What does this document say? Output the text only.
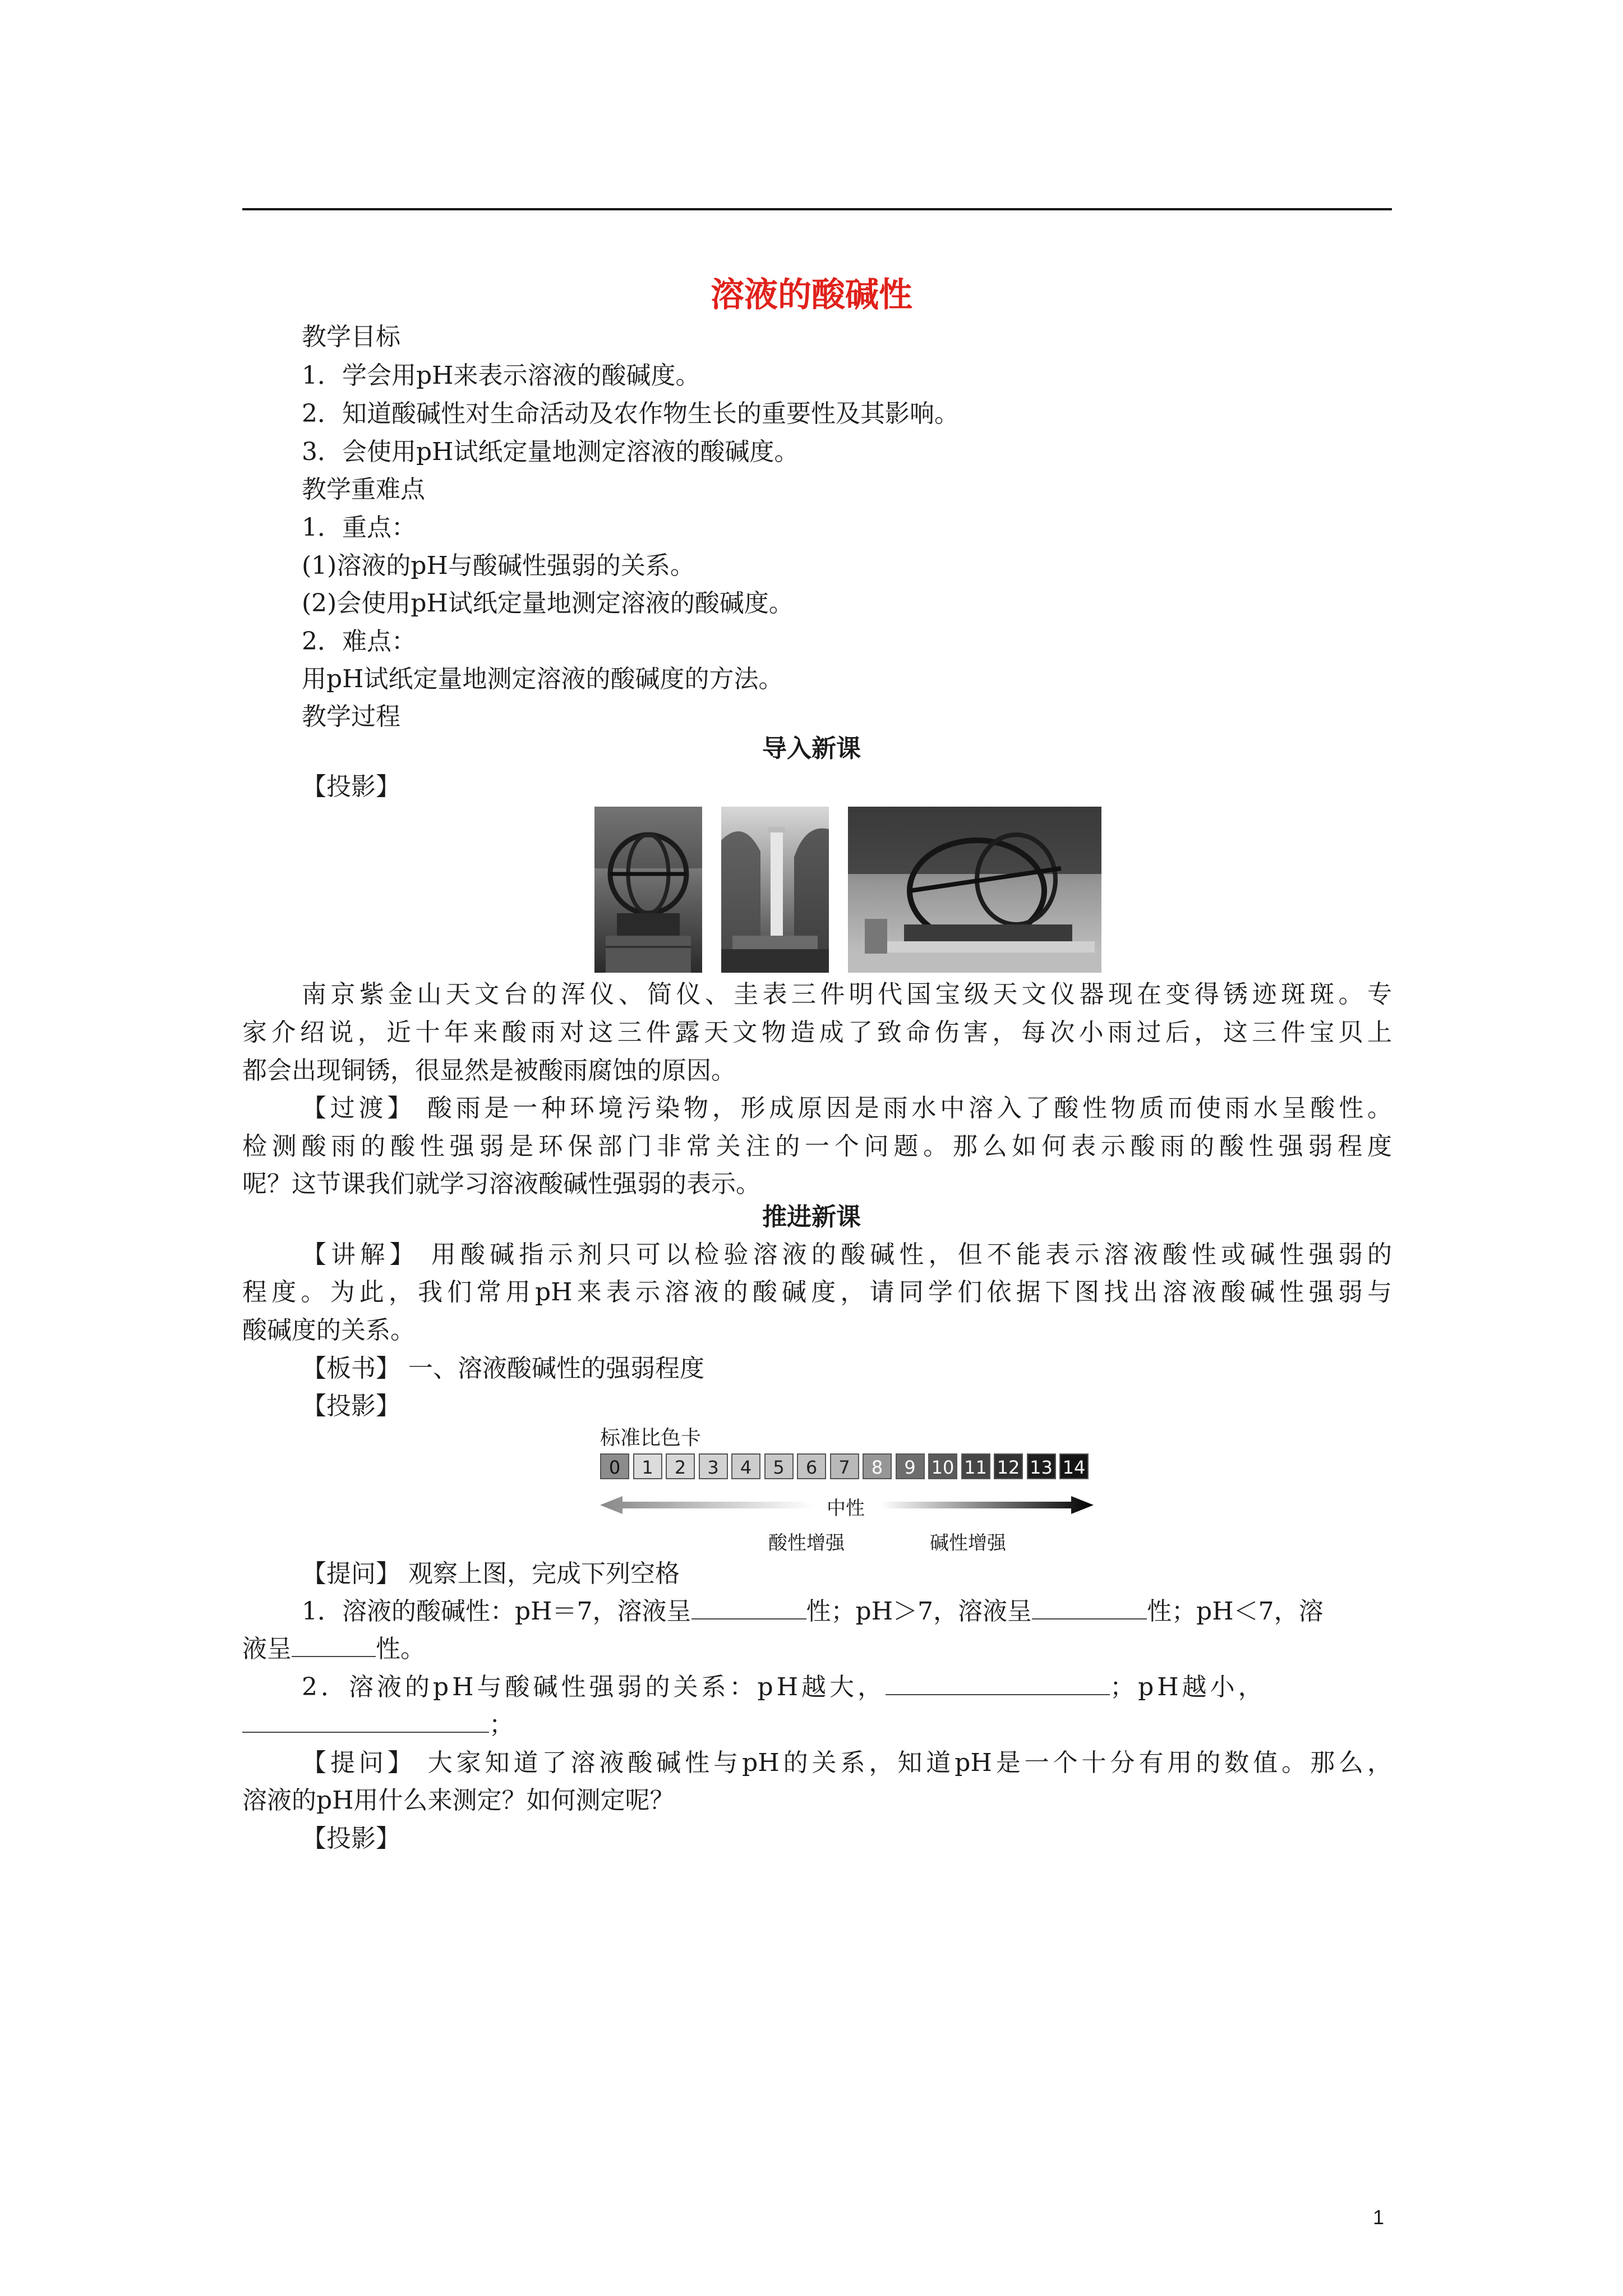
溶液的酸碱性
教学目标
1．学会用pH来表示溶液的酸碱度。
2．知道酸碱性对生命活动及农作物生长的重要性及其影响。
3．会使用pH试纸定量地测定溶液的酸碱度。
教学重难点
1．重点：
(1)溶液的pH与酸碱性强弱的关系。
(2)会使用pH试纸定量地测定溶液的酸碱度。
2．难点：
用pH试纸定量地测定溶液的酸碱度的方法。
教学过程
导入新课
【投影】
南京紫金山天文台的浑仪、简仪、圭表三件明代国宝级天文仪器现在变得锈迹斑斑。专
家介绍说，近十年来酸雨对这三件露天文物造成了致命伤害，每次小雨过后，这三件宝贝上
都会出现铜锈，很显然是被酸雨腐蚀的原因。
【过渡】 酸雨是一种环境污染物，形成原因是雨水中溶入了酸性物质而使雨水呈酸性。
检测酸雨的酸性强弱是环保部门非常关注的一个问题。那么如何表示酸雨的酸性强弱程度
呢？这节课我们就学习溶液酸碱性强弱的表示。
推进新课
【讲解】 用酸碱指示剂只可以检验溶液的酸碱性，但不能表示溶液酸性或碱性强弱的
程度。为此，我们常用pH来表示溶液的酸碱度，请同学们依据下图找出溶液酸碱性强弱与
酸碱度的关系。
【板书】 一、溶液酸碱性的强弱程度
【投影】
标准比色卡
0	1	2	3	4	5	6	7	8	9 10 11 12 13 14
中性
酸性增强	碱性增强
【提问】 观察上图，完成下列空格
1．溶液的酸碱性：pH＝7，溶液呈	性；pH＞7，溶液呈	性；pH＜7，溶
液呈	性。
2．溶液的pH与酸碱性强弱的关系：pH越大，	；pH越小，
；
【提问】 大家知道了溶液酸碱性与pH的关系，知道pH是一个十分有用的数值。那么，
溶液的pH用什么来测定？如何测定呢？
【投影】
1
